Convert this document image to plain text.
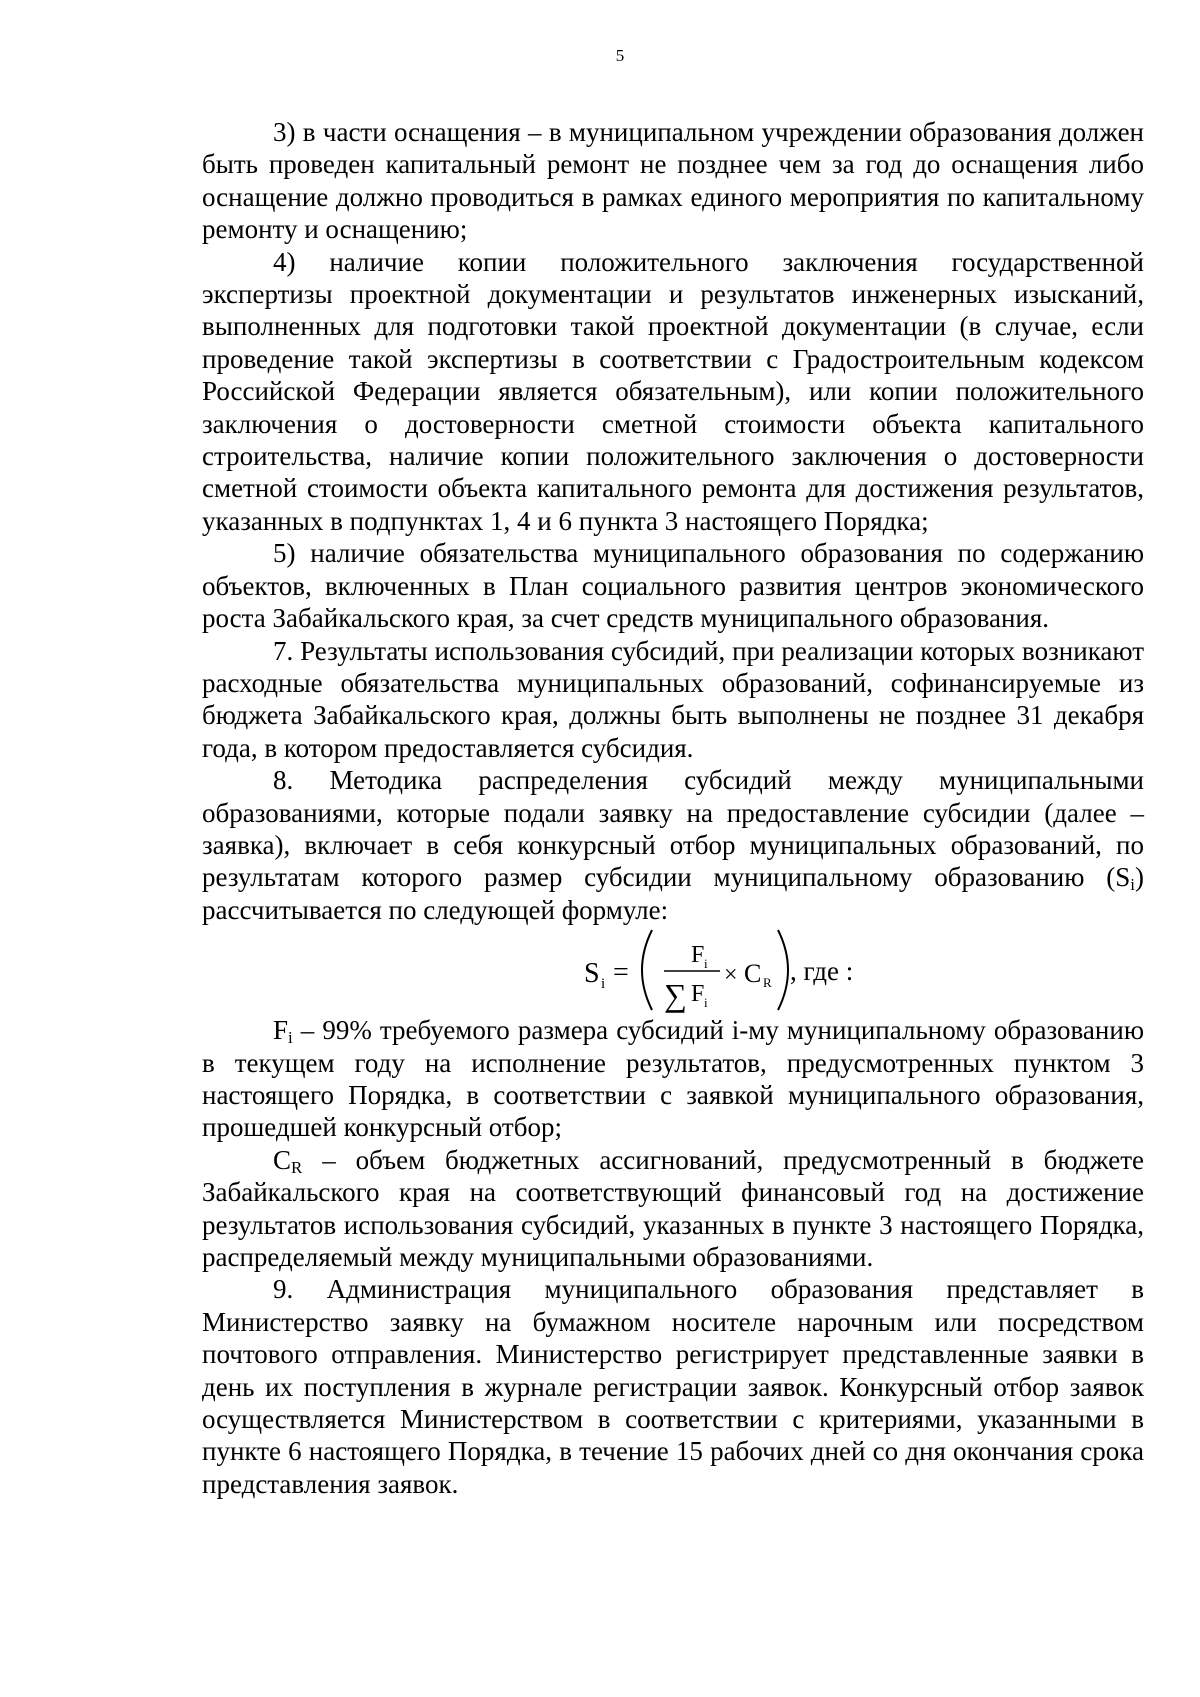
5

3) в части оснащения – в муниципальном учреждении образования должен быть проведен капитальный ремонт не позднее чем за год до оснащения либо оснащение должно проводиться в рамках единого мероприятия по капитальному ремонту и оснащению;

4) наличие копии положительного заключения государственной экспертизы проектной документации и результатов инженерных изысканий, выполненных для подготовки такой проектной документации (в случае, если проведение такой экспертизы в соответствии с Градостроительным кодексом Российской Федерации является обязательным), или копии положительного заключения о достоверности сметной стоимости объекта капитального строительства, наличие копии положительного заключения о достоверности сметной стоимости объекта капитального ремонта для достижения результатов, указанных в подпунктах 1, 4 и 6 пункта 3 настоящего Порядка;

5) наличие обязательства муниципального образования по содержанию объектов, включенных в План социального развития центров экономического роста Забайкальского края, за счет средств муниципального образования.

7. Результаты использования субсидий, при реализации которых возникают расходные обязательства муниципальных образований, софинансируемые из бюджета Забайкальского края, должны быть выполнены не позднее 31 декабря года, в котором предоставляется субсидия.

8. Методика распределения субсидий между муниципальными образованиями, которые подали заявку на предоставление субсидии (далее – заявка), включает в себя конкурсный отбор муниципальных образований, по результатам которого размер субсидии муниципальному образованию $(S_i)$ рассчитывается по следующей формуле:

S i =
F i
∑ F i
× C R , где :

$F_i - 99\%$ требуемого размера субсидий i-му муниципальному образованию в текущем году на исполнение результатов, предусмотренных пунктом 3 настоящего Порядка, в соответствии с заявкой муниципального образования, прошедшей конкурсный отбор;

$C_R$ – объем бюджетных ассигнований, предусмотренный в бюджете Забайкальского края на соответствующий финансовый год на достижение результатов использования субсидий, указанных в пункте 3 настоящего Порядка, распределяемый между муниципальными образованиями.

9. Администрация муниципального образования представляет в Министерство заявку на бумажном носителе нарочным или посредством почтового отправления. Министерство регистрирует представленные заявки в день их поступления в журнале регистрации заявок. Конкурсный отбор заявок осуществляется Министерством в соответствии с критериями, указанными в пункте 6 настоящего Порядка, в течение 15 рабочих дней со дня окончания срока представления заявок.
